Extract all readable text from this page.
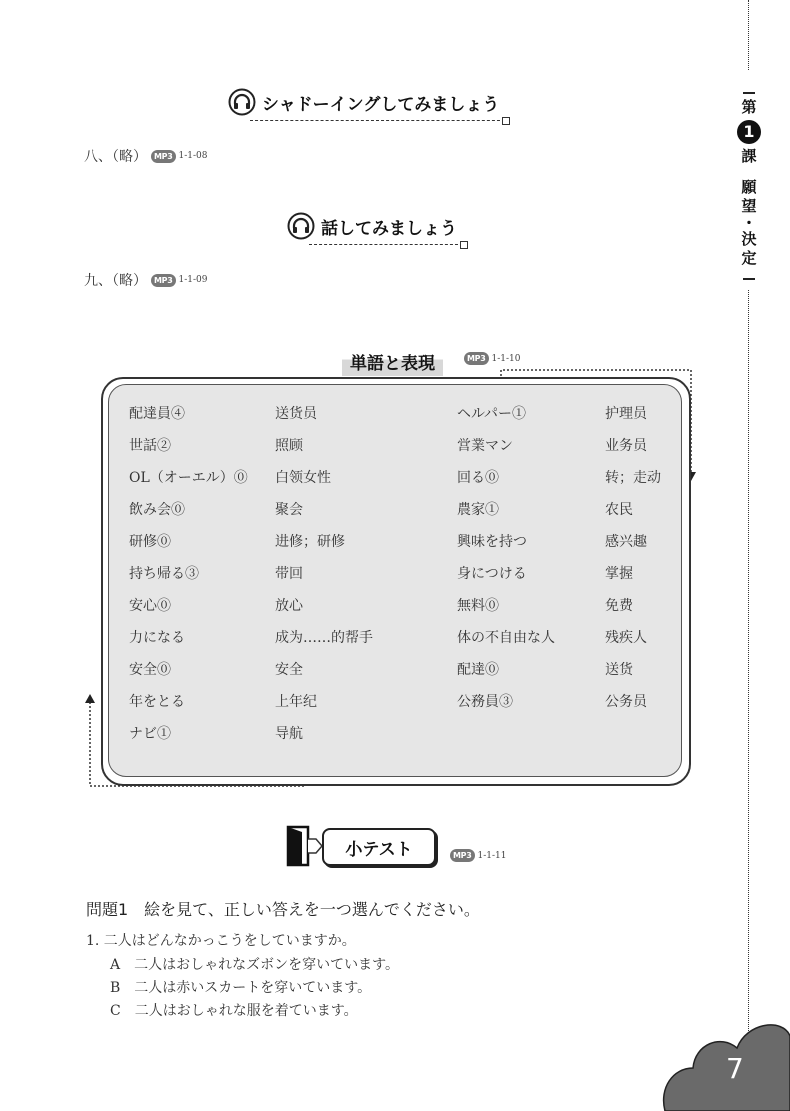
第
1
課
願
望
・
決
定
シャドーイングしてみましょう
八、（略） MP3 1-1-08
話してみましょう
九、（略） MP3 1-1-09
単語と表現	MP3 1-1-10
配達員④	送货员	ヘルパー①	护理员
世話②	照顾	営業マン	业务员
OL（オーエル）⓪ 白领女性	回る⓪	转；走动
飲み会⓪	聚会	農家①	农民
研修⓪	进修；研修	興味を持つ	感兴趣
持ち帰る③	带回	身につける	掌握
安心⓪	放心	無料⓪	免费
力になる	成为……的帮手	体の不自由な人	残疾人
安全⓪	安全	配達⓪	送货
年をとる	上年纪	公務員③	公务员
ナビ①	导航
小テスト	MP3 1-1-11
問題1　絵を見て、正しい答えを一つ選んでください。
1. 二人はどんなかっこうをしていますか。
A　二人はおしゃれなズボンを穿いています。
B　二人は赤いスカートを穿いています。
C　二人はおしゃれな服を着ています。
7
